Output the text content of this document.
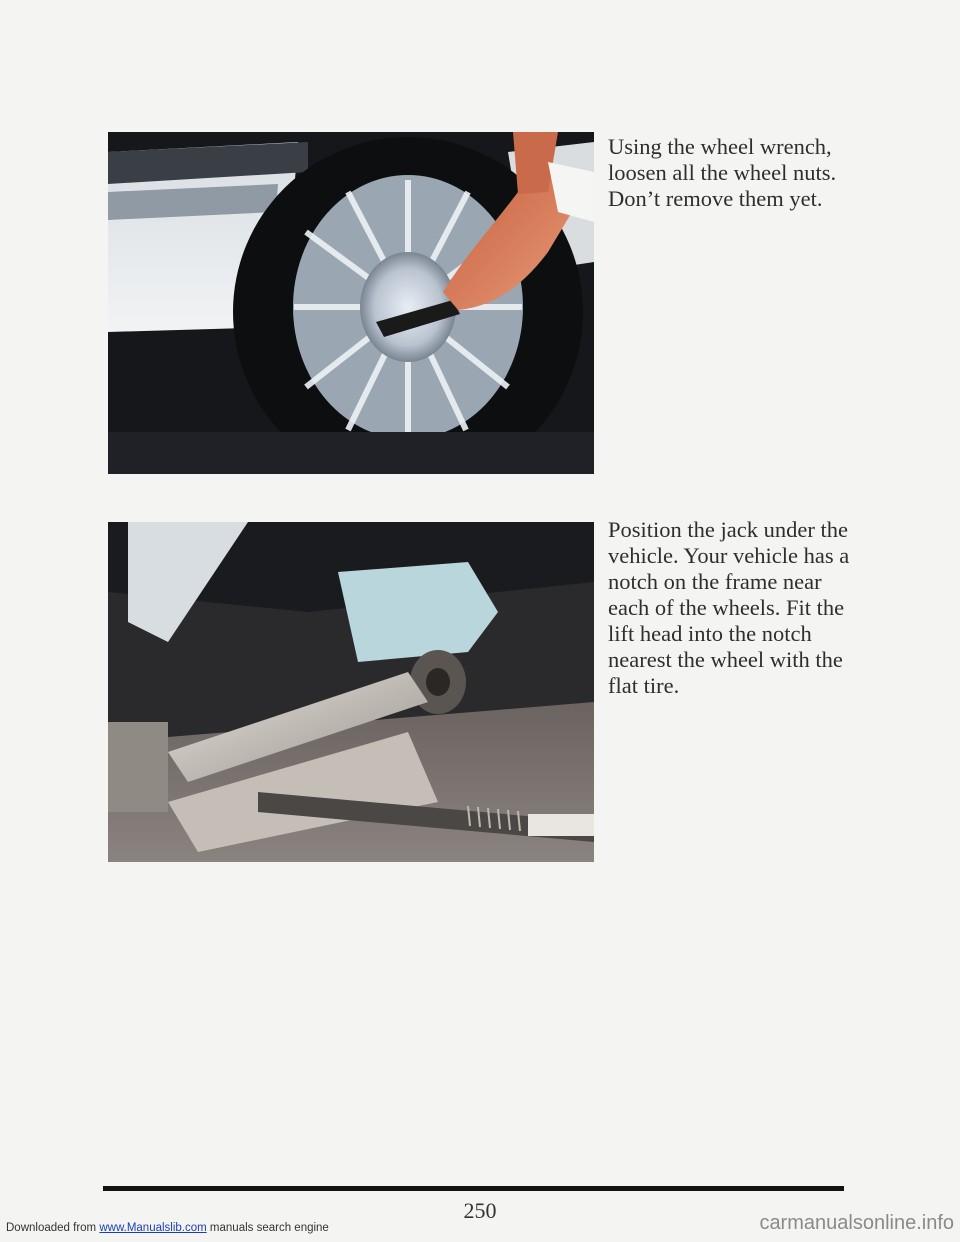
Using the wheel wrench, loosen all the wheel nuts. Don’t remove them yet.

Position the jack under the vehicle. Your vehicle has a notch on the frame near each of the wheels. Fit the lift head into the notch nearest the wheel with the flat tire.

250
Downloaded from www.Manualslib.com manuals search engine	carmanualsonline.info
